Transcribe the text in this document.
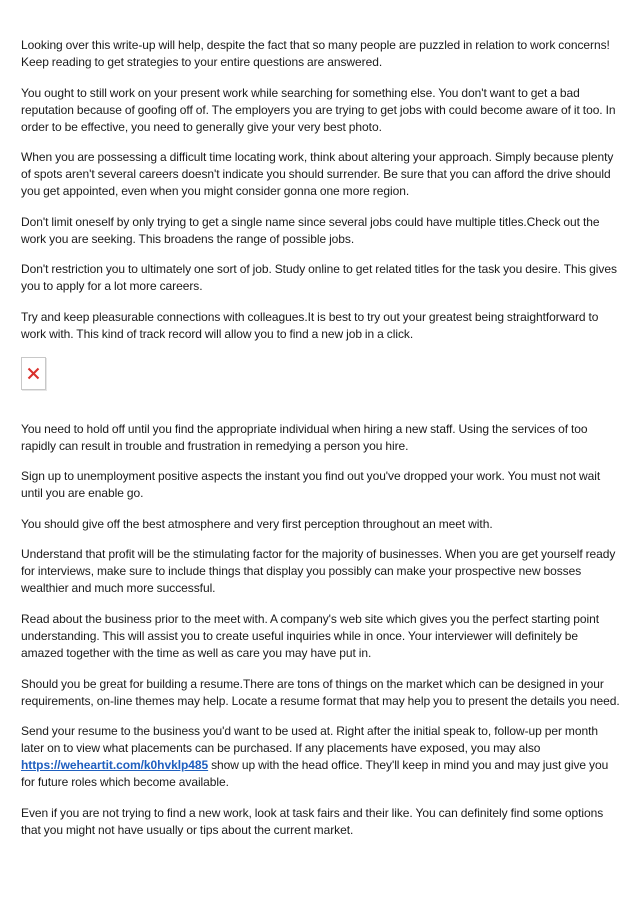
Looking over this write-up will help, despite the fact that so many people are puzzled in relation to work concerns! Keep reading to get strategies to your entire questions are answered.

You ought to still work on your present work while searching for something else. You don't want to get a bad reputation because of goofing off of. The employers you are trying to get jobs with could become aware of it too. In order to be effective, you need to generally give your very best photo.

When you are possessing a difficult time locating work, think about altering your approach. Simply because plenty of spots aren't several careers doesn't indicate you should surrender. Be sure that you can afford the drive should you get appointed, even when you might consider gonna one more region.

Don't limit oneself by only trying to get a single name since several jobs could have multiple titles.Check out the work you are seeking. This broadens the range of possible jobs.

Don't restriction you to ultimately one sort of job. Study online to get related titles for the task you desire. This gives you to apply for a lot more careers.

Try and keep pleasurable connections with colleagues.It is best to try out your greatest being straightforward to work with. This kind of track record will allow you to find a new job in a click.

You need to hold off until you find the appropriate individual when hiring a new staff. Using the services of too rapidly can result in trouble and frustration in remedying a person you hire.

Sign up to unemployment positive aspects the instant you find out you've dropped your work. You must not wait until you are enable go.

You should give off the best atmosphere and very first perception throughout an meet with.

Understand that profit will be the stimulating factor for the majority of businesses. When you are get yourself ready for interviews, make sure to include things that display you possibly can make your prospective new bosses wealthier and much more successful.

Read about the business prior to the meet with. A company's web site which gives you the perfect starting point understanding. This will assist you to create useful inquiries while in once. Your interviewer will definitely be amazed together with the time as well as care you may have put in.

Should you be great for building a resume.There are tons of things on the market which can be designed in your requirements, on-line themes may help. Locate a resume format that may help you to present the details you need.

Send your resume to the business you'd want to be used at. Right after the initial speak to, follow-up per month later on to view what placements can be purchased. If any placements have exposed, you may also https://weheartit.com/k0hvklp485 show up with the head office. They'll keep in mind you and may just give you for future roles which become available.

Even if you are not trying to find a new work, look at task fairs and their like. You can definitely find some options that you might not have usually or tips about the current market.
